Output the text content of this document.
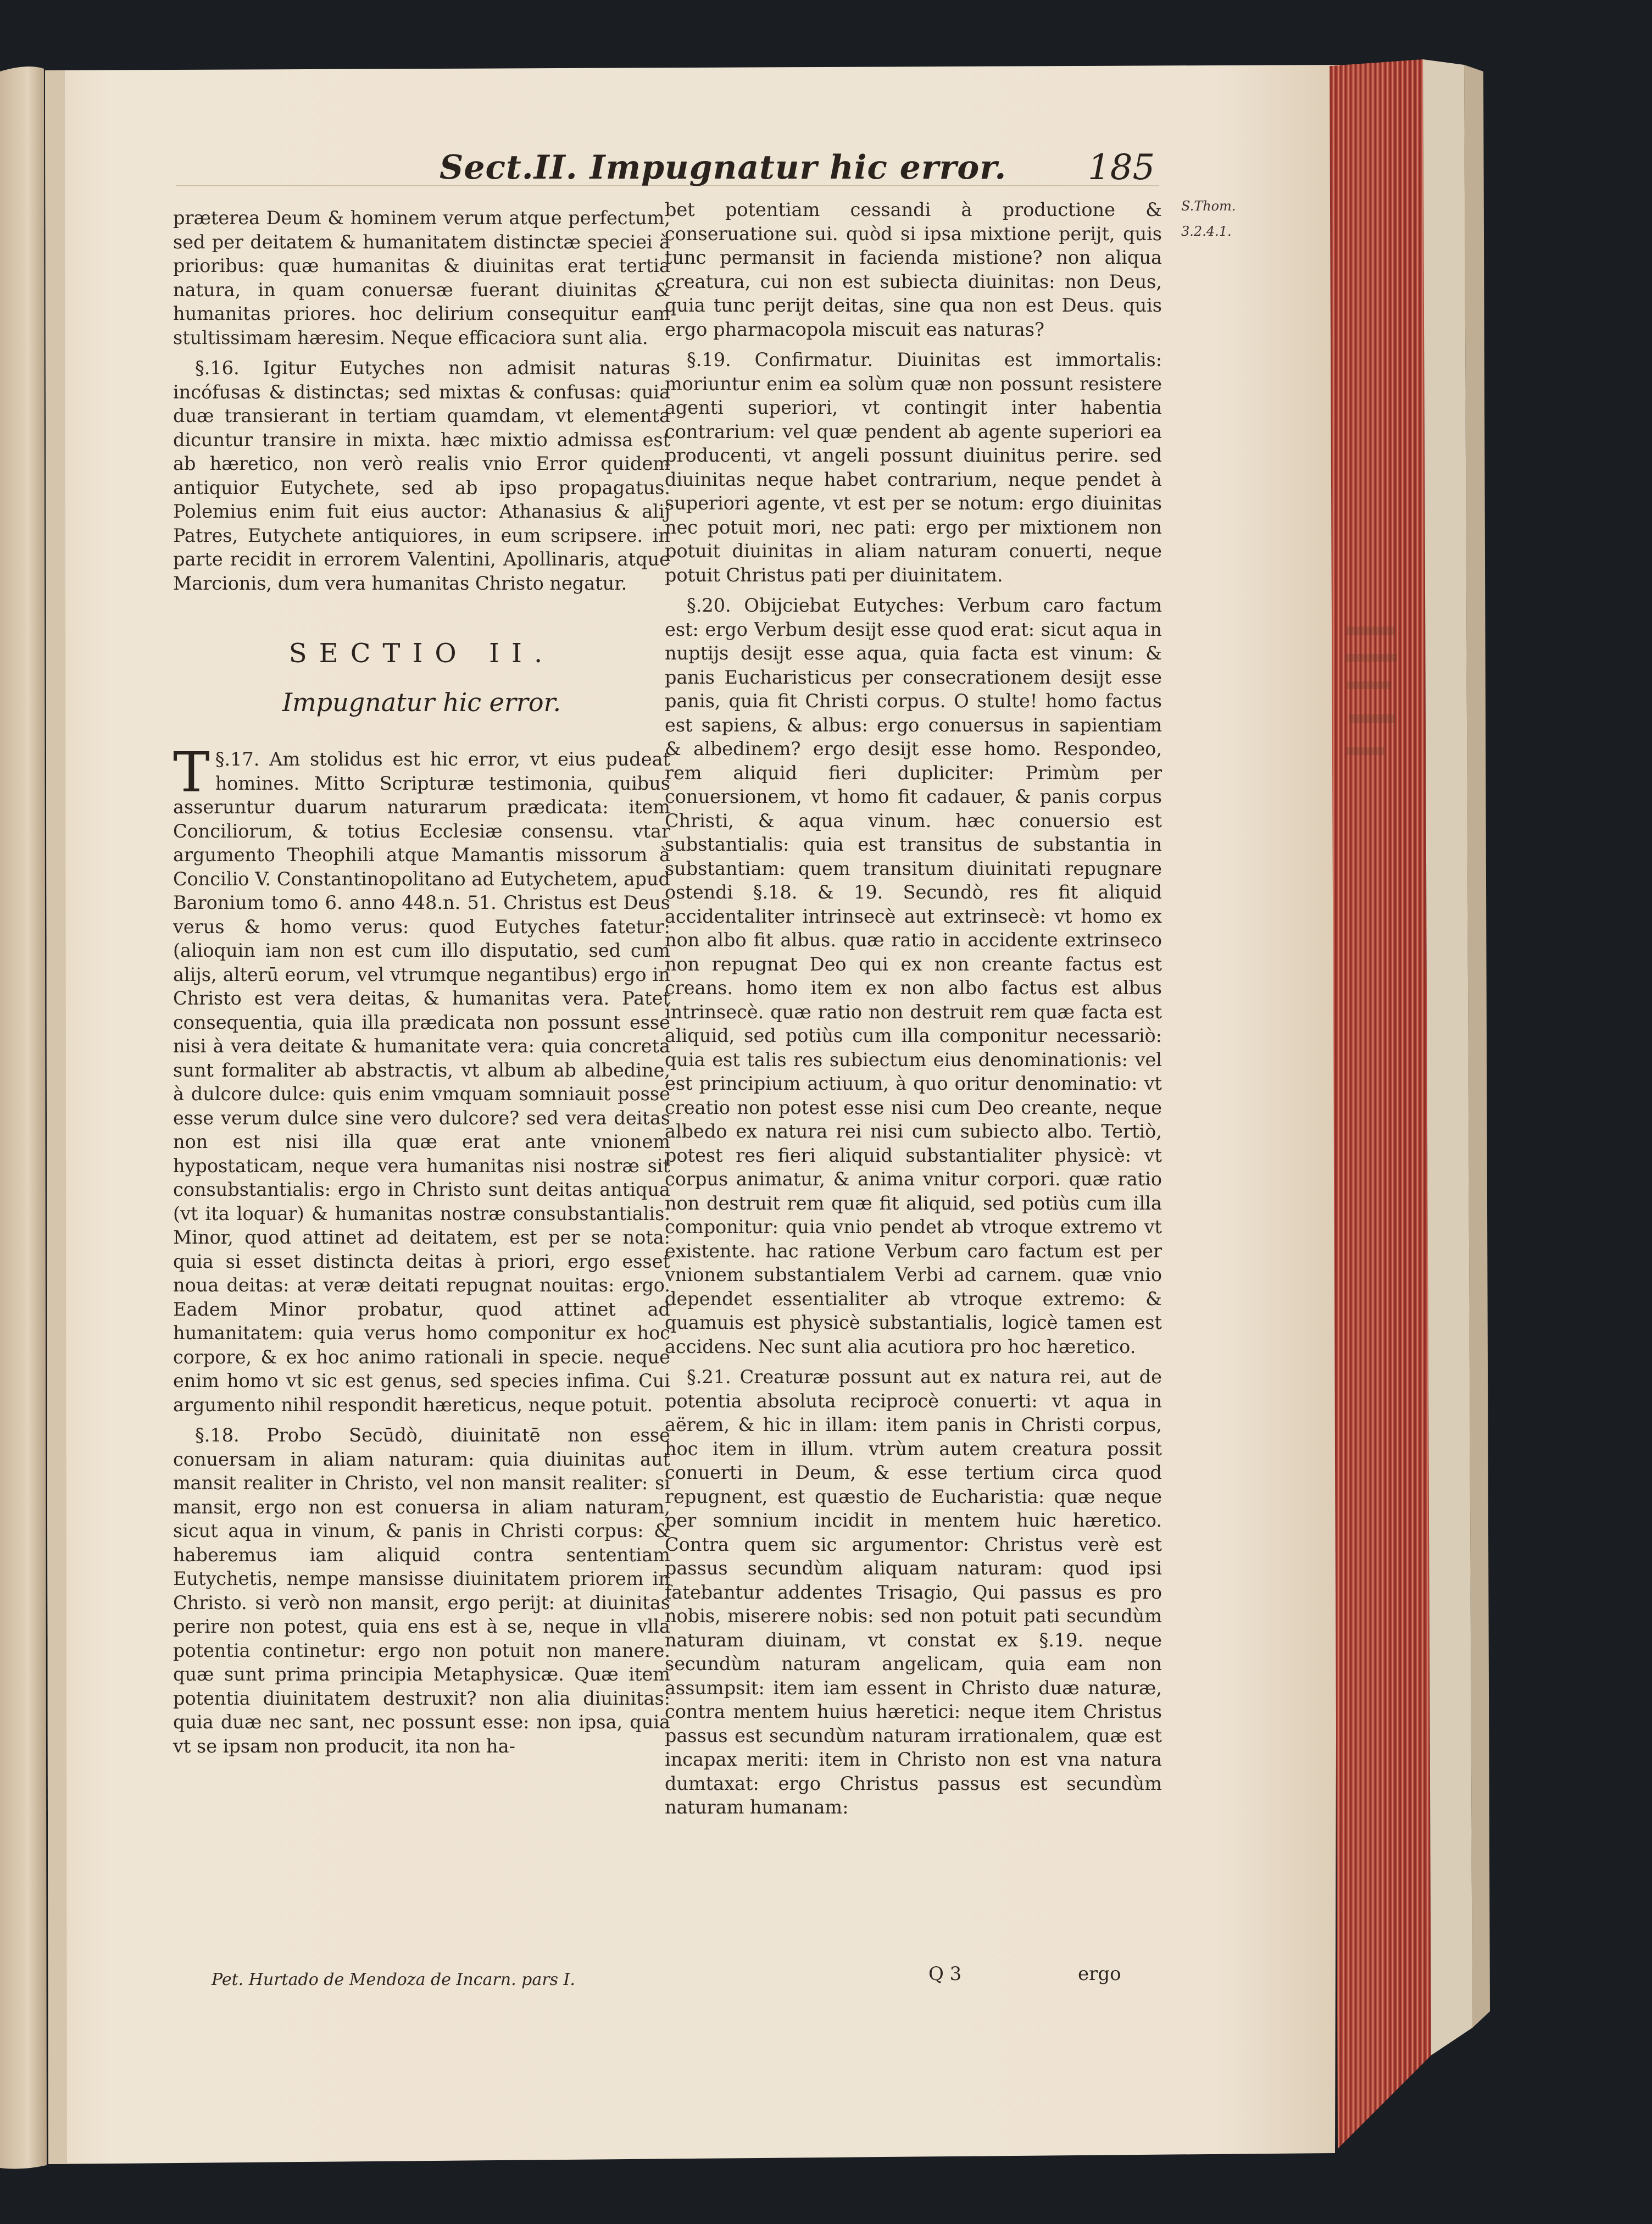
Sect.II. Impugnatur hic error. 185
S.Thom. 3.2.4.1.

præterea Deum & hominem verum atque perfectum, sed per deitatem & humanitatem distinctæ speciei à prioribus: quæ humanitas & diuinitas erat tertia natura, in quam conuersæ fuerant diuinitas & humanitas priores. hoc delirium consequitur eam stultissimam hæresim. Neque efficaciora sunt alia.

§.16. Igitur Eutyches non admisit naturas incófusas & distinctas; sed mixtas & confusas: quia duæ transierant in tertiam quamdam, vt elementa dicuntur transire in mixta. hæc mixtio admissa est ab hæretico, non verò realis vnio Error quidem antiquior Eutychete, sed ab ipso propagatus. Polemius enim fuit eius auctor: Athanasius & alij Patres, Eutychete antiquiores, in eum scripsere. in parte recidit in errorem Valentini, Apollinaris, atque Marcionis, dum vera humanitas Christo negatur.

SECTIO II.
Impugnatur hic error.

§.17.
T	Am stolidus est hic error, vt eius pudeat homines. Mitto Scripturæ testimonia, quibus asseruntur duarum naturarum prædicata: item Conciliorum, & totius Ecclesiæ consensu. vtar argumento Theophili atque Mamantis missorum à Concilio V. Constantinopolitano ad Eutychetem, apud Baronium tomo 6. anno 448.n. 51. Christus est Deus verus & homo verus: quod Eutyches fatetur: (alioquin iam non est cum illo disputatio, sed cum alijs, alterū eorum, vel vtrumque negantibus) ergo in Christo est vera deitas, & humanitas vera. Patet consequentia, quia illa prædicata non possunt esse nisi à vera deitate & humanitate vera: quia concreta sunt formaliter ab abstractis, vt album ab albedine, à dulcore dulce: quis enim vmquam somniauit posse esse verum dulce sine vero dulcore? sed vera deitas non est nisi illa quæ erat ante vnionem hypostaticam, neque vera humanitas nisi nostræ sit consubstantialis: ergo in Christo sunt deitas antiqua (vt ita loquar) & humanitas nostræ consubstantialis. Minor, quod attinet ad deitatem, est per se nota: quia si esset distincta deitas à priori, ergo esset noua deitas: at veræ deitati repugnat nouitas: ergo. Eadem Minor probatur, quod attinet ad humanitatem: quia verus homo componitur ex hoc corpore, & ex hoc animo rationali in specie. neque enim homo vt sic est genus, sed species infima. Cui argumento nihil respondit hæreticus, neque potuit.

§.18. Probo Secūdò, diuinitatē non esse conuersam in aliam naturam: quia diuinitas aut mansit realiter in Christo, vel non mansit realiter: si mansit, ergo non est conuersa in aliam naturam, sicut aqua in vinum, & panis in Christi corpus: & haberemus iam aliquid contra sententiam Eutychetis, nempe mansisse diuinitatem priorem in Christo. si verò non mansit, ergo perijt: at diuinitas perire non potest, quia ens est à se, neque in vlla potentia continetur: ergo non potuit non manere. quæ sunt prima principia Metaphysicæ. Quæ item potentia diuinitatem destruxit? non alia diuinitas: quia duæ nec sant, nec possunt esse: non ipsa, quia vt se ipsam non producit, ita non ha-

bet potentiam cessandi à productione & conseruatione sui. quòd si ipsa mixtione perijt, quis tunc permansit in facienda mistione? non aliqua creatura, cui non est subiecta diuinitas: non Deus, quia tunc perijt deitas, sine qua non est Deus. quis ergo pharmacopola miscuit eas naturas?

§.19. Confirmatur. Diuinitas est immortalis: moriuntur enim ea solùm quæ non possunt resistere agenti superiori, vt contingit inter habentia contrarium: vel quæ pendent ab agente superiori ea producenti, vt angeli possunt diuinitus perire. sed diuinitas neque habet contrarium, neque pendet à superiori agente, vt est per se notum: ergo diuinitas nec potuit mori, nec pati: ergo per mixtionem non potuit diuinitas in aliam naturam conuerti, neque potuit Christus pati per diuinitatem.

§.20. Obijciebat Eutyches: Verbum caro factum est: ergo Verbum desijt esse quod erat: sicut aqua in nuptijs desijt esse aqua, quia facta est vinum: & panis Eucharisticus per consecrationem desijt esse panis, quia fit Christi corpus. O stulte! homo factus est sapiens, & albus: ergo conuersus in sapientiam & albedinem? ergo desijt esse homo. Respondeo, rem aliquid fieri dupliciter: Primùm per conuersionem, vt homo fit cadauer, & panis corpus Christi, & aqua vinum. hæc conuersio est substantialis: quia est transitus de substantia in substantiam: quem transitum diuinitati repugnare ostendi §.18. & 19. Secundò, res fit aliquid accidentaliter intrinsecè aut extrinsecè: vt homo ex non albo fit albus. quæ ratio in accidente extrinseco non repugnat Deo qui ex non creante factus est creans. homo item ex non albo factus est albus intrinsecè. quæ ratio non destruit rem quæ facta est aliquid, sed potiùs cum illa componitur necessariò: quia est talis res subiectum eius denominationis: vel est principium actiuum, à quo oritur denominatio: vt creatio non potest esse nisi cum Deo creante, neque albedo ex natura rei nisi cum subiecto albo. Tertiò, potest res fieri aliquid substantialiter physicè: vt corpus animatur, & anima vnitur corpori. quæ ratio non destruit rem quæ fit aliquid, sed potiùs cum illa componitur: quia vnio pendet ab vtroque extremo vt existente. hac ratione Verbum caro factum est per vnionem substantialem Verbi ad carnem. quæ vnio dependet essentialiter ab vtroque extremo: & quamuis est physicè substantialis, logicè tamen est accidens. Nec sunt alia acutiora pro hoc hæretico.

§.21. Creaturæ possunt aut ex natura rei, aut de potentia absoluta reciprocè conuerti: vt aqua in aërem, & hic in illam: item panis in Christi corpus, hoc item in illum. vtrùm autem creatura possit conuerti in Deum, & esse tertium circa quod repugnent, est quæstio de Eucharistia: quæ neque per somnium incidit in mentem huic hæretico. Contra quem sic argumentor: Christus verè est passus secundùm aliquam naturam: quod ipsi fatebantur addentes Trisagio, Qui passus es pro nobis, miserere nobis: sed non potuit pati secundùm naturam diuinam, vt constat ex §.19. neque secundùm naturam angelicam, quia eam non assumpsit: item iam essent in Christo duæ naturæ, contra mentem huius hæretici: neque item Christus passus est secundùm naturam irrationalem, quæ est incapax meriti: item in Christo non est vna natura dumtaxat: ergo Christus passus est secundùm naturam humanam:

Pet. Hurtado de Mendoza de Incarn. pars I.	Q 3	ergo
